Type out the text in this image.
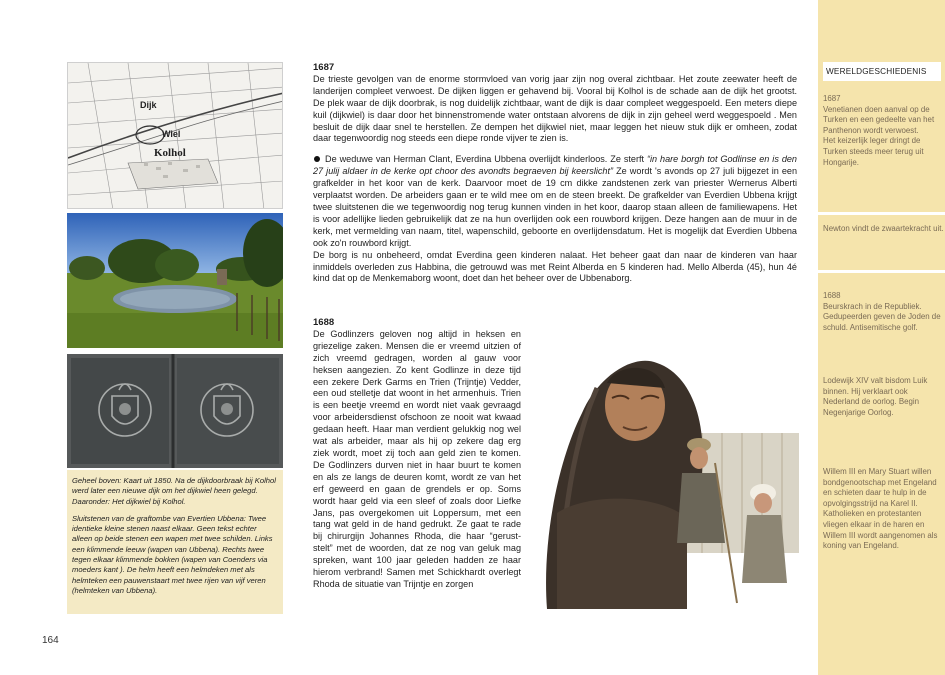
Dijk
Wiel
Kolhol

Geheel boven: Kaart uit 1850. Na de dijkdoorbraak bij Kolhol werd later een nieuwe dijk om het dijkwiel heen gelegd. Daaronder: Het dijkwiel bij Kolhol.

Sluitstenen van de graftombe van Evertien Ubbena: Twee identieke kleine stenen naast elkaar. Geen tekst echter alleen op beide stenen een wapen met twee schilden. Links een klimmende leeuw (wapen van Ubbena). Rechts twee tegen elkaar klimmende bokken (wapen van Coenders via moeders kant ). De helm heeft een helmdeken met als helmteken een pauwenstaart met twee rijen van vijf veren (helmteken van Ubbena).

1687

De trieste gevolgen van de enorme stormvloed van vorig jaar zijn nog overal zichtbaar. Het zoute zeewater heeft de landerijen compleet verwoest. De dijken liggen er gehavend bij. Vooral bij Kolhol is de schade aan de dijk het grootst. De plek waar de dijk doorbrak, is nog duidelijk zichtbaar, want de dijk is daar compleet weggespoeld. Een meters diepe kuil (dijkwiel) is daar door het binnenstromende water ontstaan alvorens de dijk in zijn geheel werd weggespoeld . Men besluit de dijk daar snel te herstellen. Ze dempen het dijkwiel niet, maar leggen het nieuw stuk dijk er omheen, zodat daar tegenwoordig nog steeds een diepe ronde vijver te zien is.

De weduwe van Herman Clant, Everdina Ubbena overlijdt kinderloos. Ze sterft “in hare borgh tot Godlinse en is den 27 julij aldaer in de kerke opt choor des avondts begraeven bij keerslicht” Ze wordt 's avonds op 27 juli bijgezet in een grafkelder in het koor van de kerk. Daarvoor moet de 19 cm dikke zandstenen zerk van priester Wernerus Alberti verplaatst worden. De arbeiders gaan er te wild mee om en de steen breekt. De grafkelder van Everdien Ubbena krijgt twee sluitstenen die we tegenwoordig nog terug kunnen vinden in het koor, daarop staan alleen de familiewapens. Het is voor adellijke lieden gebruikelijk dat ze na hun overlijden ook een rouwbord krijgen. Deze hangen aan de muur in de kerk, met vermelding van naam, titel, wapenschild, geboorte en overlijdensdatum. Het is mogelijk dat Everdien Ubbena ook zo'n rouwbord krijgt.

De borg is nu onbeheerd, omdat Everdina geen kinderen nalaat. Het beheer gaat dan naar de kinderen van haar inmiddels overleden zus Habbina, die getrouwd was met Reint Alberda en 5 kinderen had. Mello Alberda (45), hun 4é kind dat op de Menkemaborg woont, doet dan het beheer over de Ubbenaborg.

1688

De Godlinzers geloven nog altijd in heksen en griezelige zaken. Mensen die er vreemd uitzien of zich vreemd gedragen, worden al gauw voor heksen aangezien. Zo kent Godlinze in deze tijd een zekere Derk Garms en Trien (Trijntje) Vedder, een oud stelletje dat woont in het armenhuis. Trien is een beetje vreemd en wordt niet vaak gevraagd voor arbeidersdienst ofschoon ze nooit wat kwaad gedaan heeft. Haar man verdient gelukkig nog wel wat als arbeider, maar als hij op zekere dag erg ziek wordt, moet zij toch aan geld zien te komen. De Godlinzers durven niet in haar buurt te komen en als ze langs de deuren komt, wordt ze van het erf geweerd en gaan de grendels er op. Soms wordt haar geld via een sleef of zoals door Liefke Jans, pas overgekomen uit Loppersum, met een tang wat geld in de hand gedrukt. Ze gaat te rade bij chirurgijn Johannes Rhoda, die haar “gerust-stelt” met de woorden, dat ze nog van geluk mag spreken, want 100 jaar geleden hadden ze haar hierom verbrand! Samen met Schickhardt overlegt Rhoda de situatie van Trijntje en zorgen

WERELDGESCHIEDENIS

1687

Venetianen doen aanval op de Turken en een gedeelte van het Panthenon wordt verwoest.

Het keizerlijk leger dringt de Turken steeds meer terug uit Hongarije.

Newton vindt de zwaartekracht uit.

1688

Beurskrach in de Republiek. Gedupeerden geven de Joden de schuld. Antisemitische golf.

Lodewijk XIV valt bisdom Luik binnen. Hij verklaart ook Nederland de oorlog. Begin Negenjarige Oorlog.

Willem III en Mary Stuart willen bondgenootschap met Engeland en schieten daar te hulp in de opvolgingsstrijd na Karel II. Katholieken en protestanten vliegen elkaar in de haren en Willem III wordt aangenomen als koning van Engeland.

164
